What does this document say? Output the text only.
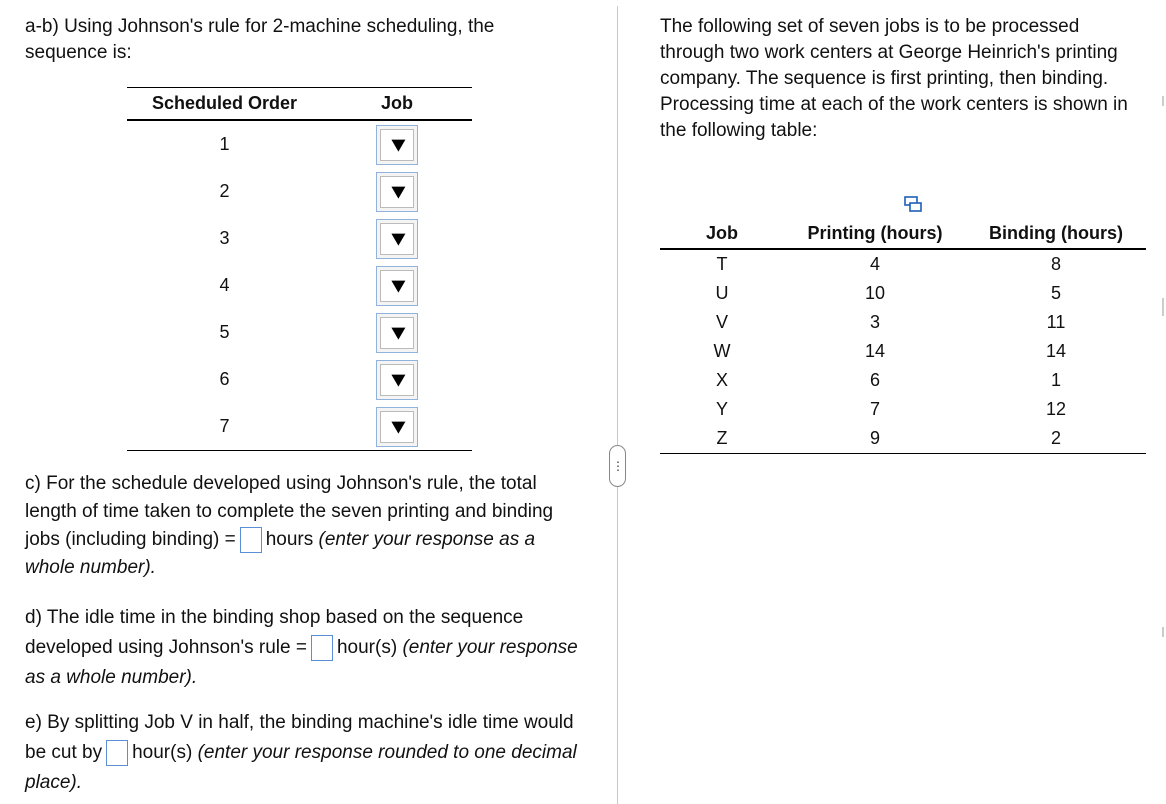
a-b) Using Johnson's rule for 2-machine scheduling, the sequence is:

Scheduled Order	Job
1	

2	

3	

4	

5	

6	

7	

c) For the schedule developed using Johnson's rule, the total length of time taken to complete the seven printing and binding jobs (including binding) = hours (enter your response as a whole number).

d) The idle time in the binding shop based on the sequence developed using Johnson's rule = hour(s) (enter your response as a whole number).

e) By splitting Job V in half, the binding machine's idle time would be cut by hour(s) (enter your response rounded to one decimal place).

⋮

The following set of seven jobs is to be processed through two work centers at George Heinrich's printing company. The sequence is first printing, then binding. Processing time at each of the work centers is shown in the following table:

Job	Printing (hours)	Binding (hours)
T	4	8
U	10	5
V	3	11
W	14	14
X	6	1
Y	7	12
Z	9	2
